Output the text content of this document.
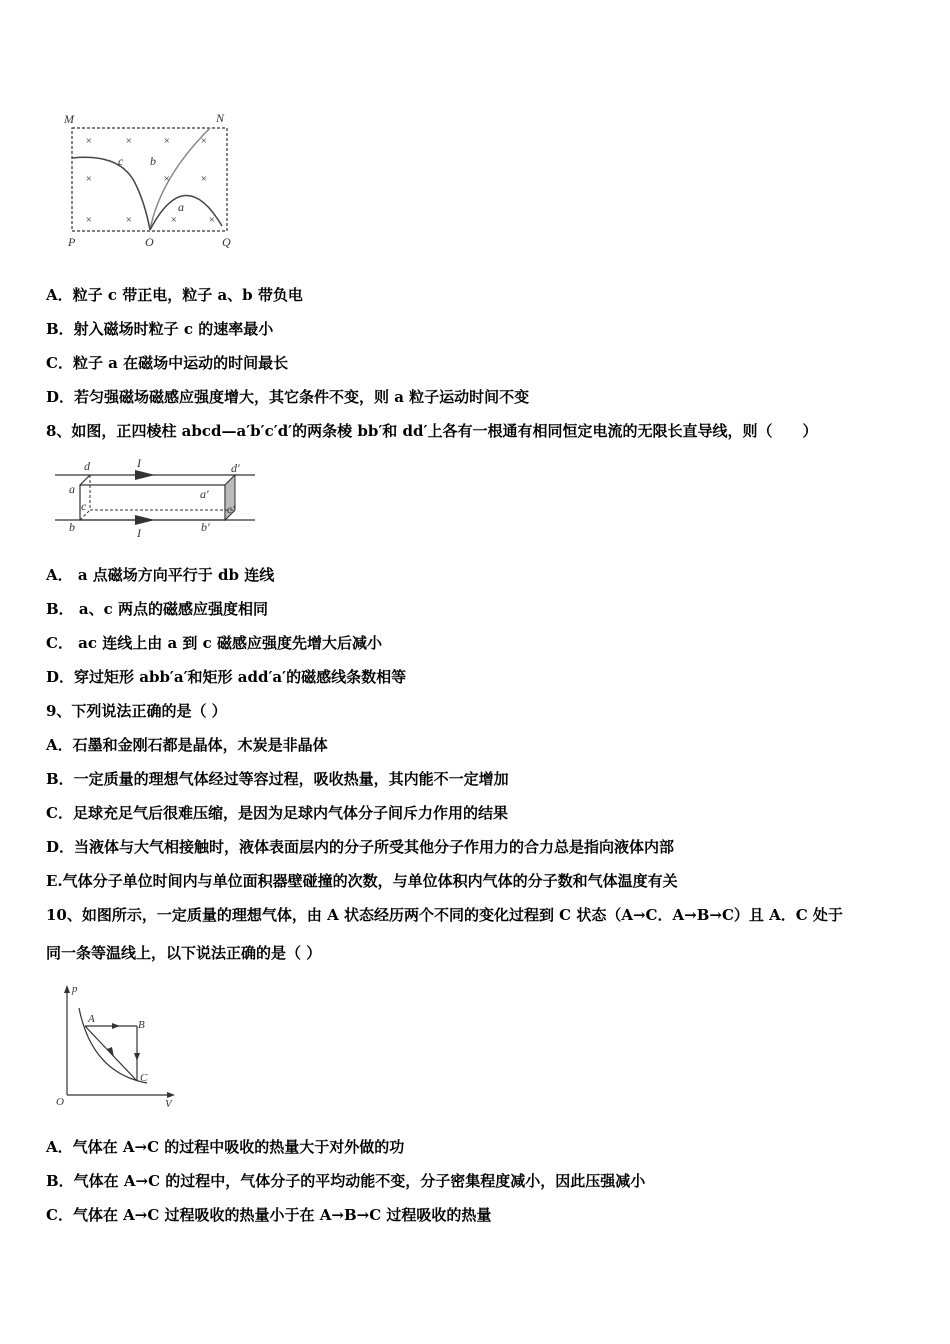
×	×	×	×
×	×	×
×	×	×	×
M	N
P	O	Q
c b
a
A．粒子 c 带正电，粒子 a、b 带负电
B．射入磁场时粒子 c 的速率最小
C．粒子 a 在磁场中运动的时间最长
D．若匀强磁场磁感应强度增大，其它条件不变，则 a 粒子运动时间不变
8、如图，正四棱柱 abcd—a′b′c′d′的两条棱 bb′和 dd′上各有一根通有相同恒定电流的无限长直导线，则（　　）
I
I
d
a
c
b
d′
a′
c′
b′
A． a 点磁场方向平行于 db 连线
B． a、c 两点的磁感应强度相同
C． ac 连线上由 a 到 c 磁感应强度先增大后减小
D．穿过矩形 abb′a′和矩形 add′a′的磁感线条数相等
9、下列说法正确的是（ ）
A．石墨和金刚石都是晶体，木炭是非晶体
B．一定质量的理想气体经过等容过程，吸收热量，其内能不一定增加
C．足球充足气后很难压缩，是因为足球内气体分子间斥力作用的结果
D．当液体与大气相接触时，液体表面层内的分子所受其他分子作用力的合力总是指向液体内部
E.气体分子单位时间内与单位面积器壁碰撞的次数，与单位体积内气体的分子数和气体温度有关
10、如图所示，一定质量的理想气体，由 A 状态经历两个不同的变化过程到 C 状态（A→C．A→B→C）且 A．C 处于
同一条等温线上，以下说法正确的是（ ）
p
V
O
A	B
C
A．气体在 A→C 的过程中吸收的热量大于对外做的功
B．气体在 A→C 的过程中，气体分子的平均动能不变，分子密集程度减小，因此压强减小
C．气体在 A→C 过程吸收的热量小于在 A→B→C 过程吸收的热量
